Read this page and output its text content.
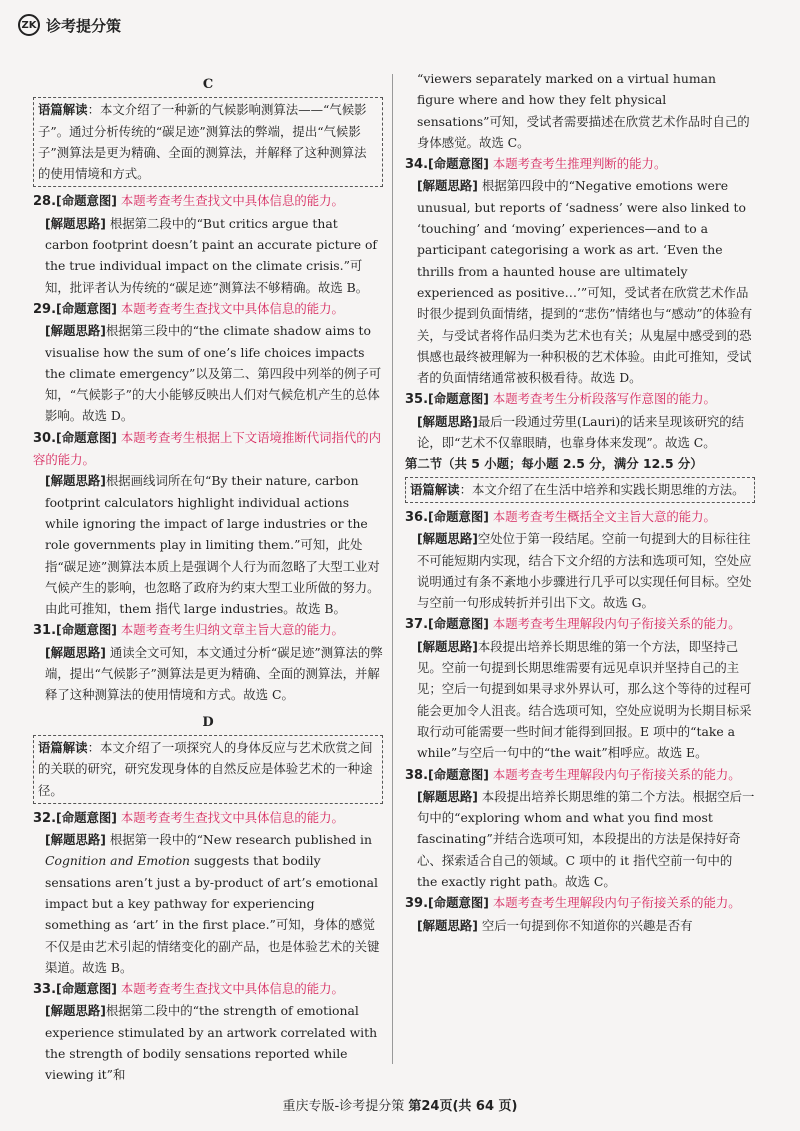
ZK 诊考提分策

C

语篇解读：本文介绍了一种新的气候影响测算法——“气候影子”。通过分析传统的“碳足迹”测算法的弊端，提出“气候影子”测算法是更为精确、全面的测算法，并解释了这种测算法的使用情境和方式。

28.[命题意图] 本题考查考生查找文中具体信息的能力。

[解题思路] 根据第二段中的“But critics argue that carbon footprint doesn’t paint an accurate picture of the true individual impact on the climate crisis.”可知，批评者认为传统的“碳足迹”测算法不够精确。故选 B。

29.[命题意图] 本题考查考生查找文中具体信息的能力。

[解题思路]根据第三段中的“the climate shadow aims to visualise how the sum of one’s life choices impacts the climate emergency”以及第二、第四段中列举的例子可知，“气候影子”的大小能够反映出人们对气候危机产生的总体影响。故选 D。

30.[命题意图] 本题考查考生根据上下文语境推断代词指代的内容的能力。

[解题思路]根据画线词所在句“By their nature, carbon footprint calculators highlight individual actions while ignoring the impact of large industries or the role governments play in limiting them.”可知，此处指“碳足迹”测算法本质上是强调个人行为而忽略了大型工业对气候产生的影响，也忽略了政府为约束大型工业所做的努力。由此可推知，them 指代 large industries。故选 B。

31.[命题意图] 本题考查考生归纳文章主旨大意的能力。

[解题思路] 通读全文可知，本文通过分析“碳足迹”测算法的弊端，提出“气候影子”测算法是更为精确、全面的测算法，并解释了这种测算法的使用情境和方式。故选 C。

D

语篇解读：本文介绍了一项探究人的身体反应与艺术欣赏之间的关联的研究，研究发现身体的自然反应是体验艺术的一种途径。

32.[命题意图] 本题考查考生查找文中具体信息的能力。

[解题思路] 根据第一段中的“New research published in Cognition and Emotion suggests that bodily sensations aren’t just a by-product of art’s emotional impact but a key pathway for experiencing something as ‘art’ in the first place.”可知，身体的感觉不仅是由艺术引起的情绪变化的副产品，也是体验艺术的关键渠道。故选 B。

33.[命题意图] 本题考查考生查找文中具体信息的能力。

[解题思路]根据第二段中的“the strength of emotional experience stimulated by an artwork correlated with the strength of bodily sensations reported while viewing it”和

“viewers separately marked on a virtual human figure where and how they felt physical sensations”可知，受试者需要描述在欣赏艺术作品时自己的身体感觉。故选 C。

34.[命题意图] 本题考查考生推理判断的能力。

[解题思路] 根据第四段中的“Negative emotions were unusual, but reports of ‘sadness’ were also linked to ‘touching’ and ‘moving’ experiences—and to a participant categorising a work as art. ‘Even the thrills from a haunted house are ultimately experienced as positive…’”可知，受试者在欣赏艺术作品时很少提到负面情绪，提到的“悲伤”情绪也与“感动”的体验有关，与受试者将作品归类为艺术也有关；从鬼屋中感受到的恐惧感也最终被理解为一种积极的艺术体验。由此可推知，受试者的负面情绪通常被积极看待。故选 D。

35.[命题意图] 本题考查考生分析段落写作意图的能力。

[解题思路]最后一段通过劳里(Lauri)的话来呈现该研究的结论，即“艺术不仅靠眼睛，也靠身体来发现”。故选 C。

第二节（共 5 小题；每小题 2.5 分，满分 12.5 分）

语篇解读：本文介绍了在生活中培养和实践长期思维的方法。

36.[命题意图] 本题考查考生概括全文主旨大意的能力。

[解题思路]空处位于第一段结尾。空前一句提到大的目标往往不可能短期内实现，结合下文介绍的方法和选项可知，空处应说明通过有条不紊地小步骤进行几乎可以实现任何目标。空处与空前一句形成转折并引出下文。故选 G。

37.[命题意图] 本题考查考生理解段内句子衔接关系的能力。

[解题思路]本段提出培养长期思维的第一个方法，即坚持己见。空前一句提到长期思维需要有远见卓识并坚持自己的主见；空后一句提到如果寻求外界认可，那么这个等待的过程可能会更加令人沮丧。结合选项可知，空处应说明为长期目标采取行动可能需要一些时间才能得到回报。E 项中的“take a while”与空后一句中的“the wait”相呼应。故选 E。

38.[命题意图] 本题考查考生理解段内句子衔接关系的能力。

[解题思路] 本段提出培养长期思维的第二个方法。根据空后一句中的“exploring whom and what you find most fascinating”并结合选项可知，本段提出的方法是保持好奇心、探索适合自己的领域。C 项中的 it 指代空前一句中的 the exactly right path。故选 C。

39.[命题意图] 本题考查考生理解段内句子衔接关系的能力。

[解题思路] 空后一句提到你不知道你的兴趣是否有

重庆专版-诊考提分策 第24页(共 64 页)
